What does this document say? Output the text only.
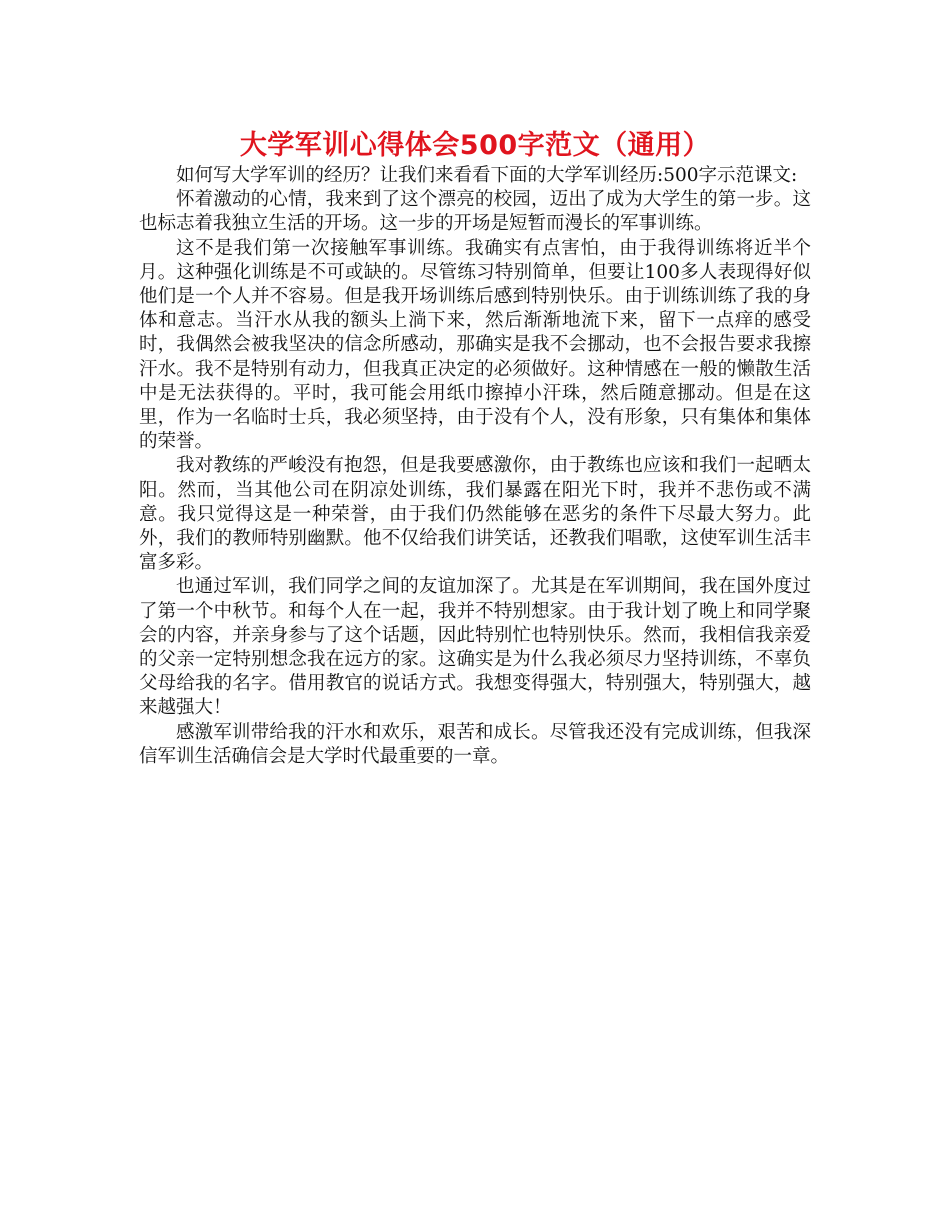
大学军训心得体会500字范文（通用）

如何写大学军训的经历？让我们来看看下面的大学军训经历:500字示范课文:

怀着激动的心情，我来到了这个漂亮的校园，迈出了成为大学生的第一步。这也标志着我独立生活的开场。这一步的开场是短暂而漫长的军事训练。

这不是我们第一次接触军事训练。我确实有点害怕，由于我得训练将近半个月。这种强化训练是不可或缺的。尽管练习特别简单，但要让100多人表现得好似他们是一个人并不容易。但是我开场训练后感到特别快乐。由于训练训练了我的身体和意志。当汗水从我的额头上淌下来，然后渐渐地流下来，留下一点痒的感受时，我偶然会被我坚决的信念所感动，那确实是我不会挪动，也不会报告要求我擦汗水。我不是特别有动力，但我真正决定的必须做好。这种情感在一般的懒散生活中是无法获得的。平时，我可能会用纸巾擦掉小汗珠，然后随意挪动。但是在这里，作为一名临时士兵，我必须坚持，由于没有个人，没有形象，只有集体和集体的荣誉。

我对教练的严峻没有抱怨，但是我要感激你，由于教练也应该和我们一起晒太阳。然而，当其他公司在阴凉处训练，我们暴露在阳光下时，我并不悲伤或不满意。我只觉得这是一种荣誉，由于我们仍然能够在恶劣的条件下尽最大努力。此外，我们的教师特别幽默。他不仅给我们讲笑话，还教我们唱歌，这使军训生活丰富多彩。

也通过军训，我们同学之间的友谊加深了。尤其是在军训期间，我在国外度过了第一个中秋节。和每个人在一起，我并不特别想家。由于我计划了晚上和同学聚会的内容，并亲身参与了这个话题，因此特别忙也特别快乐。然而，我相信我亲爱的父亲一定特别想念我在远方的家。这确实是为什么我必须尽力坚持训练，不辜负父母给我的名字。借用教官的说话方式。我想变得强大，特别强大，特别强大，越来越强大！

感激军训带给我的汗水和欢乐，艰苦和成长。尽管我还没有完成训练，但我深信军训生活确信会是大学时代最重要的一章。
